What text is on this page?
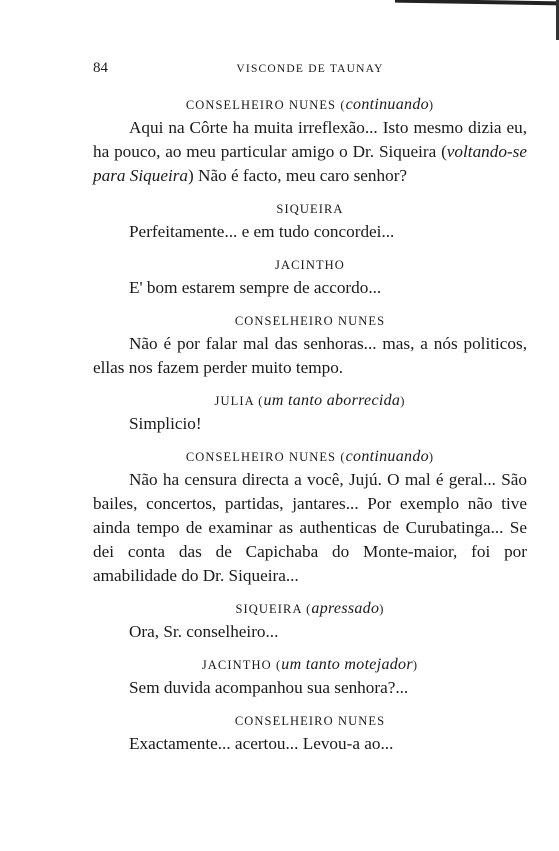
84	VISCONDE DE TAUNAY
CONSELHEIRO NUNES (continuando)

Aqui na Côrte ha muita irreflexão... Isto mesmo dizia eu, ha pouco, ao meu particular amigo o Dr. Siqueira (voltando-se para Siqueira) Não é facto, meu caro senhor?

SIQUEIRA

Perfeitamente... e em tudo concordei...

JACINTHO

E' bom estarem sempre de accordo...

CONSELHEIRO NUNES

Não é por falar mal das senhoras... mas, a nós politicos, ellas nos fazem perder muito tempo.

JULIA (um tanto aborrecida)

Simplicio!

CONSELHEIRO NUNES (continuando)

Não ha censura directa a você, Jujú. O mal é geral... São bailes, concertos, partidas, jantares... Por exemplo não tive ainda tempo de examinar as authenticas de Curubatinga... Se dei conta das de Capichaba do Monte-maior, foi por amabilidade do Dr. Siqueira...

SIQUEIRA (apressado)

Ora, Sr. conselheiro...

JACINTHO (um tanto motejador)

Sem duvida acompanhou sua senhora?...

CONSELHEIRO NUNES

Exactamente... acertou... Levou-a ao...
